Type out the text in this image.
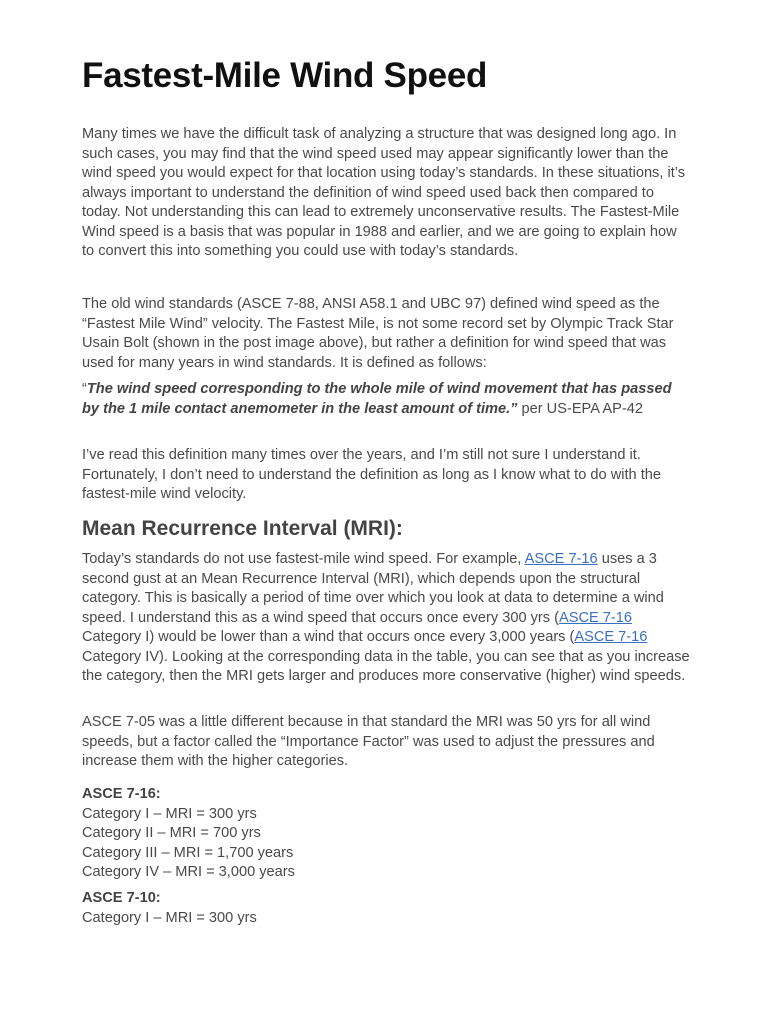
Fastest-Mile Wind Speed

Many times we have the difficult task of analyzing a structure that was designed long ago. In such cases, you may find that the wind speed used may appear significantly lower than the wind speed you would expect for that location using today’s standards. In these situations, it’s always important to understand the definition of wind speed used back then compared to today. Not understanding this can lead to extremely unconservative results. The Fastest-Mile Wind speed is a basis that was popular in 1988 and earlier, and we are going to explain how to convert this into something you could use with today’s standards.

The old wind standards (ASCE 7-88, ANSI A58.1 and UBC 97) defined wind speed as the “Fastest Mile Wind” velocity. The Fastest Mile, is not some record set by Olympic Track Star Usain Bolt (shown in the post image above), but rather a definition for wind speed that was used for many years in wind standards. It is defined as follows:

“The wind speed corresponding to the whole mile of wind movement that has passed by the 1 mile contact anemometer in the least amount of time.” per US-EPA AP-42

I’ve read this definition many times over the years, and I’m still not sure I understand it. Fortunately, I don’t need to understand the definition as long as I know what to do with the fastest-mile wind velocity.

Mean Recurrence Interval (MRI):

Today’s standards do not use fastest-mile wind speed. For example, ASCE 7-16 uses a 3 second gust at an Mean Recurrence Interval (MRI), which depends upon the structural category. This is basically a period of time over which you look at data to determine a wind speed. I understand this as a wind speed that occurs once every 300 yrs (ASCE 7-16 Category I) would be lower than a wind that occurs once every 3,000 years (ASCE 7-16 Category IV). Looking at the corresponding data in the table, you can see that as you increase the category, then the MRI gets larger and produces more conservative (higher) wind speeds.

ASCE 7-05 was a little different because in that standard the MRI was 50 yrs for all wind speeds, but a factor called the “Importance Factor” was used to adjust the pressures and increase them with the higher categories.

ASCE 7-16:
Category I – MRI = 300 yrs
Category II – MRI = 700 yrs
Category III – MRI = 1,700 years
Category IV – MRI = 3,000 years
ASCE 7-10:
Category I – MRI = 300 yrs
